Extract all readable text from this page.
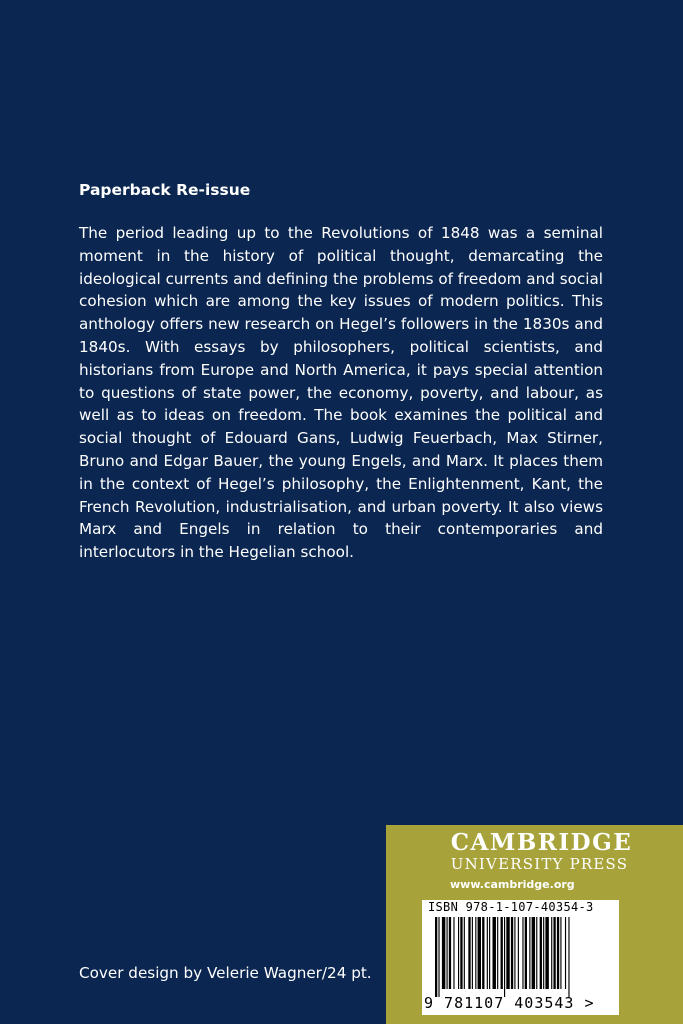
Paperback Re-issue
The period leading up to the Revolutions of 1848 was a seminal moment in the history of political thought, demarcating the ideological currents and defining the problems of freedom and social cohesion which are among the key issues of modern politics. This anthology offers new research on Hegel’s followers in the 1830s and 1840s. With essays by philosophers, political scientists, and historians from Europe and North America, it pays special attention to questions of state power, the economy, poverty, and labour, as well as to ideas on freedom. The book examines the political and social thought of Edouard Gans, Ludwig Feuerbach, Max Stirner, Bruno and Edgar Bauer, the young Engels, and Marx. It places them in the context of Hegel’s philosophy, the Enlightenment, Kant, the French Revolution, industrialisation, and urban poverty. It also views Marx and Engels in relation to their contemporaries and interlocutors in the Hegelian school.
Cover design by Velerie Wagner/24 pt.
CAMBRIDGE
UNIVERSITY PRESS
www.cambridge.org
ISBN 978-1-107-40354-3
9 781107 403543 >
